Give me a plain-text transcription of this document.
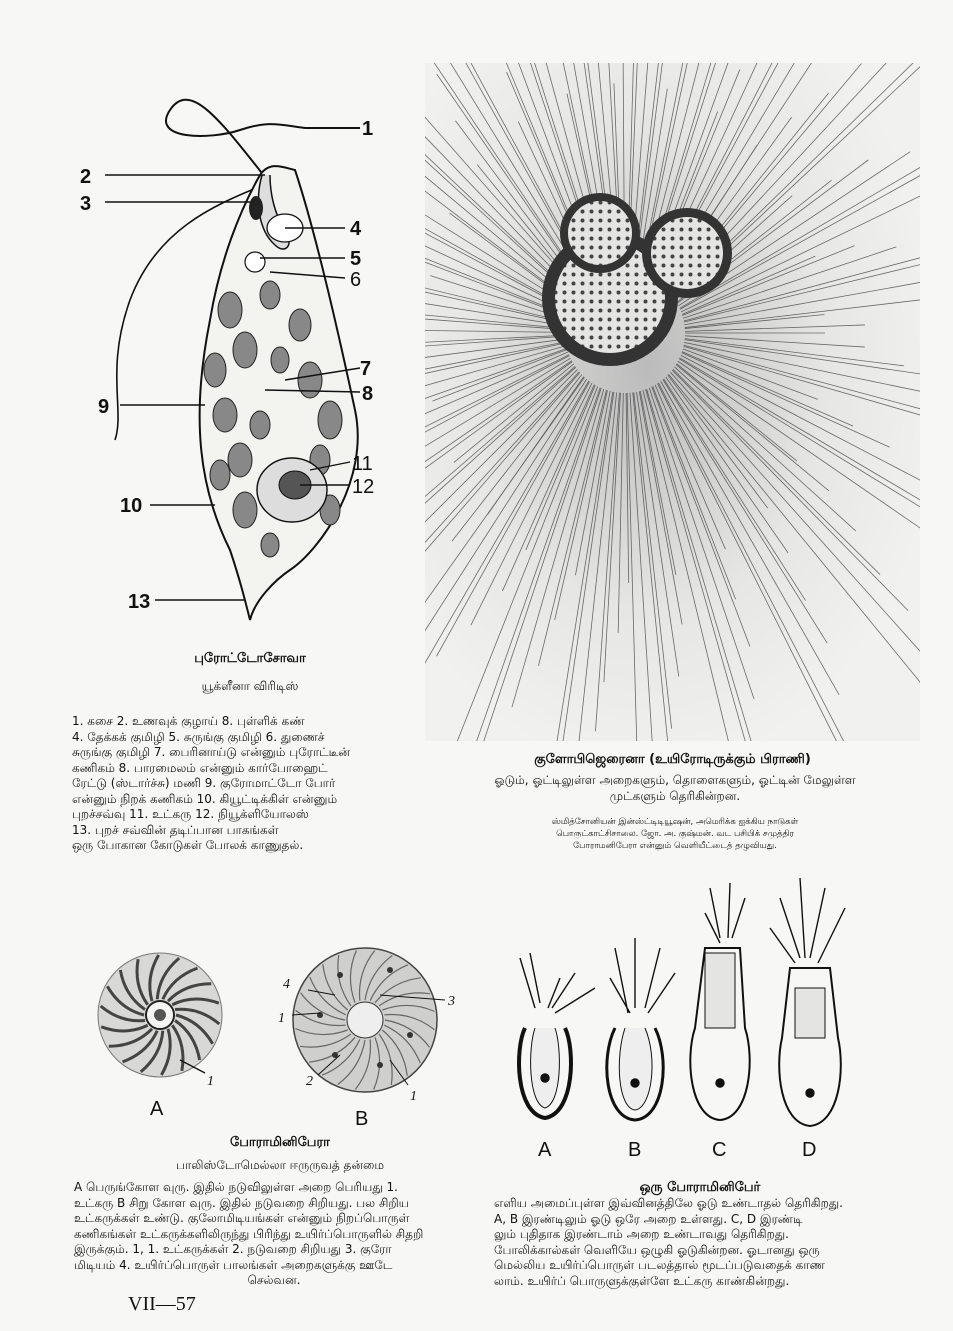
1
2
3
4
5
6
7
8
9
10
11
12
13
புரோட்டோசோவா
யூக்ளீனா விரிடிஸ்
1. கசை 2. உணவுக் குழாய் 8. புள்ளிக் கண்
4. தேக்கக் குமிழி 5. சுருங்கு குமிழி 6. துணைச்
சுருங்கு குமிழி 7. பைரினாய்டு என்னும் புரோட்டீன்
கணிகம் 8. பாரமைலம் என்னும் கார்போஹைட்
ரேட்டு (ஸ்டார்ச்சு) மணி 9. குரோமாட்டோ போர்
என்னும் நிறக் கணிகம் 10. கியூட்டிக்கிள் என்னும்
புறச்சவ்வு 11. உட்கரு 12. நியூக்ளியோலஸ்
13. புறச் சவ்வின் தடிப்பான பாகங்கள்
ஒரு போகான கோடுகள் போலக் காணுதல்.
குளோபிஜெரைனா (உயிரோடிருக்கும் பிராணி)
ஓடும், ஓட்டிலுள்ள அறைகளும், தொளைகளும், ஓட்டின் மேலுள்ள
முட்களும் தெரிகின்றன.
ஸ்மித்சோனியன் இன்ஸ்ட்டிடியூஷன், அமெரிக்க ஐக்கிய நாடுகள்
பொருட்காட்சிசாலை. ஜோ. அ. குஷ்மன். வட பசிபிக் சமுத்திர
போராமனிபேரா என்னும் வெளியீட்டைத் தழுவியது.
1
A
4
1
3
2
1
B
போராமினிபேரா
பாலிஸ்டோமெல்லா ஈருருவத் தன்மை
A பெருங்கோள வுரு. இதில் நடுவிலுள்ள அறை பெரியது 1.
உட்கரு B சிறு கோள வுரு. இதில் நடுவறை சிறியது. பல சிறிய
உட்கருக்கள் உண்டு. குலோமிடியங்கள் என்னும் நிறப்பொருள்
கணிகங்கள் உட்கருக்களிலிருந்து பிரிந்து உயிர்ப்பொருளில் சிதறி
இருக்கும். 1, 1. உட்கருக்கள் 2. நடுவறை சிறியது 3. குரோ
மிடியம் 4. உயிர்ப்பொருள் பாலங்கள் அறைகளுக்கு ஊடே
செல்வன.
VII—57
A	B	C	D
ஒரு போராமினிபேர்
எளிய அமைப்புள்ள இவ்வினத்திலே ஓடு உண்டாதல் தெரிகிறது.
A, B இரண்டிலும் ஓடு ஒரே அறை உள்ளது. C, D இரண்டி
லும் புதிதாக இரண்டாம் அறை உண்டாவது தெரிகிறது.
போலிக்கால்கள் வெளியே ஒழுகி ஓடுகின்றன. ஓடானது ஒரு
மெல்லிய உயிர்ப்பொருள் படலத்தால் மூடப்படுவதைக் காண
லாம். உயிர்ப் பொருளுக்குள்ளே உட்கரு காண்கின்றது.
